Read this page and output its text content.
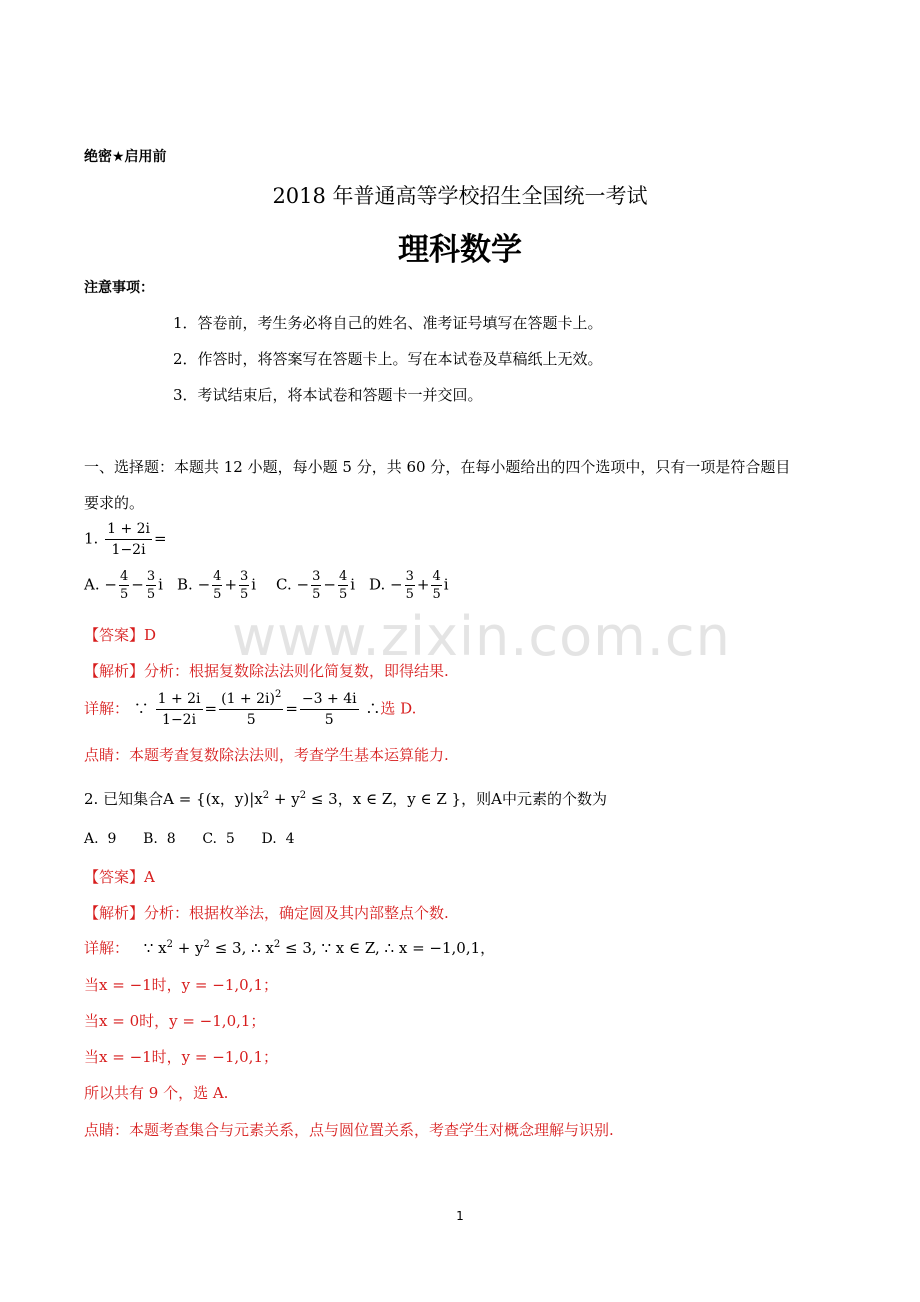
www.zixin.com.cn
绝密★启用前
2018 年普通高等学校招生全国统一考试
理科数学
注意事项：
1．答卷前，考生务必将自己的姓名、准考证号填写在答题卡上。
2．作答时，将答案写在答题卡上。写在本试卷及草稿纸上无效。
3．考试结束后，将本试卷和答题卡一并交回。
一、选择题：本题共 12 小题，每小题 5 分，共 60 分，在每小题给出的四个选项中，只有一项是符合题目
要求的。
1. $\frac{1 + 2i}{1-2i}$ =
A. − $\frac{4}{5} - \frac{3}{5}$ i B. − $\frac{4}{5} + \frac{3}{5}$ i C. − $\frac{3}{5} - \frac{4}{5}$ i D. − $\frac{3}{5} + \frac{4}{5}$ i
【答案】D
【解析】分析：根据复数除法法则化简复数，即得结果.
详解： ∵ $\frac{1 + 2i}{1-2i} = \frac{(1 + 2i)^2}{5} = \frac{-3 + 4i}{5}$ ∴选 D.
点睛：本题考查复数除法法则，考查学生基本运算能力.
2. 已知集合A = {(x，$y)|x^2 + y^2 \le 3$，x ∈ Z，y ∈ Z }，则A中元素的个数为
A.  9      B.  8      C.  5      D.  4
【答案】A
【解析】分析：根据枚举法，确定圆及其内部整点个数.
详解： ∵ $x^2 + y^2 \le 3$, ∴ $x^2 \le 3$, ∵ x ∈ Z, ∴ x = −1,0,1，
当x = −1时，y = −1,0,1；
当x = 0时，y = −1,0,1；
当x = −1时，y = −1,0,1；
所以共有 9 个，选 A.
点睛：本题考查集合与元素关系，点与圆位置关系，考查学生对概念理解与识别.
1
